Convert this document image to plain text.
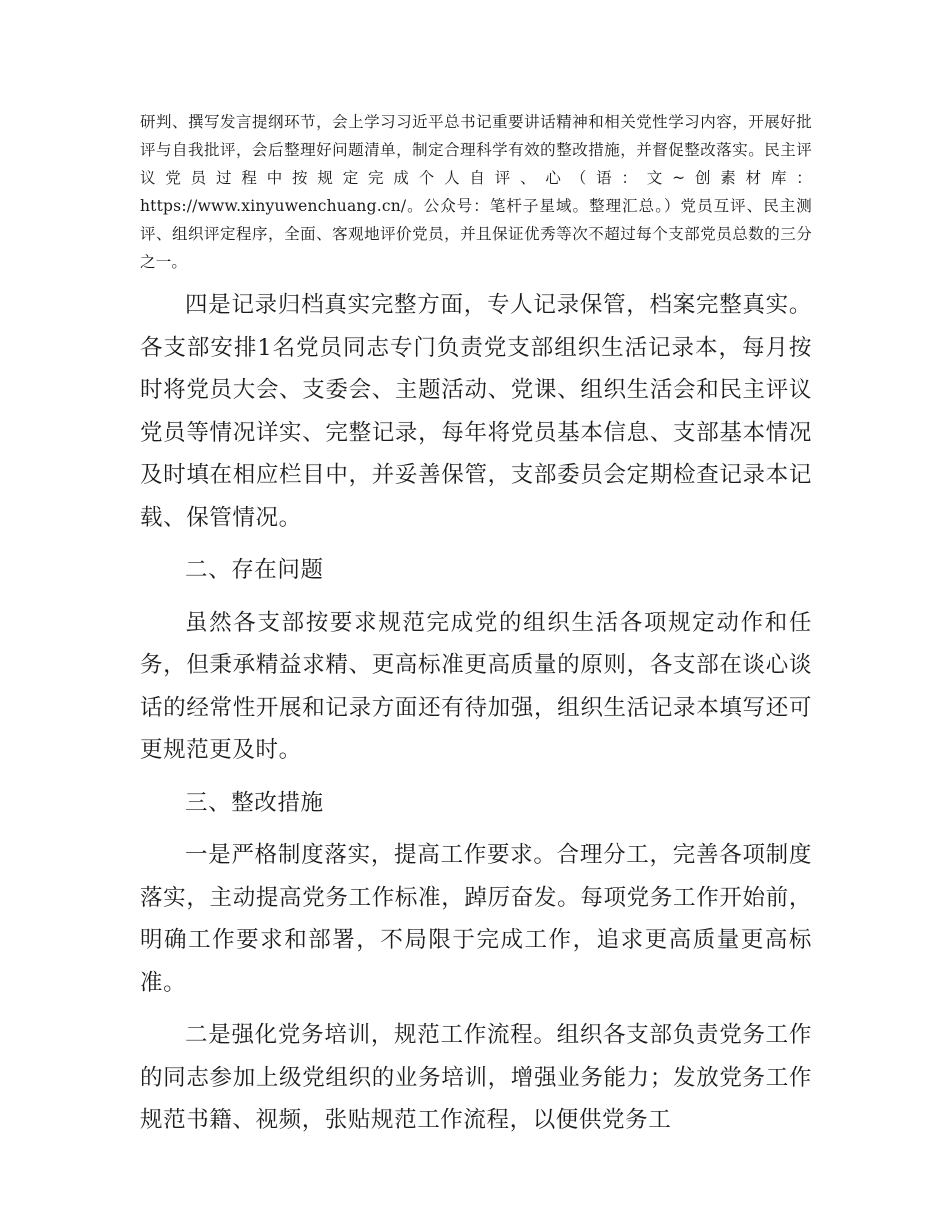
研判、撰写发言提纲环节，会上学习习近平总书记重要讲话精神和相关党性学习内容，开展好批评与自我批评，会后整理好问题清单，制定合理科学有效的整改措施，并督促整改落实。民主评议党员过程中按规定完成个人自评、心（语：文~创素材库：https://www.xinyuwenchuang.cn/。公众号：笔杆子星域。整理汇总。）党员互评、民主测评、组织评定程序，全面、客观地评价党员，并且保证优秀等次不超过每个支部党员总数的三分之一。

四是记录归档真实完整方面，专人记录保管，档案完整真实。各支部安排1名党员同志专门负责党支部组织生活记录本，每月按时将党员大会、支委会、主题活动、党课、组织生活会和民主评议党员等情况详实、完整记录，每年将党员基本信息、支部基本情况及时填在相应栏目中，并妥善保管，支部委员会定期检查记录本记载、保管情况。

二、存在问题

虽然各支部按要求规范完成党的组织生活各项规定动作和任务，但秉承精益求精、更高标准更高质量的原则，各支部在谈心谈话的经常性开展和记录方面还有待加强，组织生活记录本填写还可更规范更及时。

三、整改措施

一是严格制度落实，提高工作要求。合理分工，完善各项制度落实，主动提高党务工作标准，踔厉奋发。每项党务工作开始前，明确工作要求和部署，不局限于完成工作，追求更高质量更高标准。

二是强化党务培训，规范工作流程。组织各支部负责党务工作的同志参加上级党组织的业务培训，增强业务能力；发放党务工作规范书籍、视频，张贴规范工作流程，以便供党务工
